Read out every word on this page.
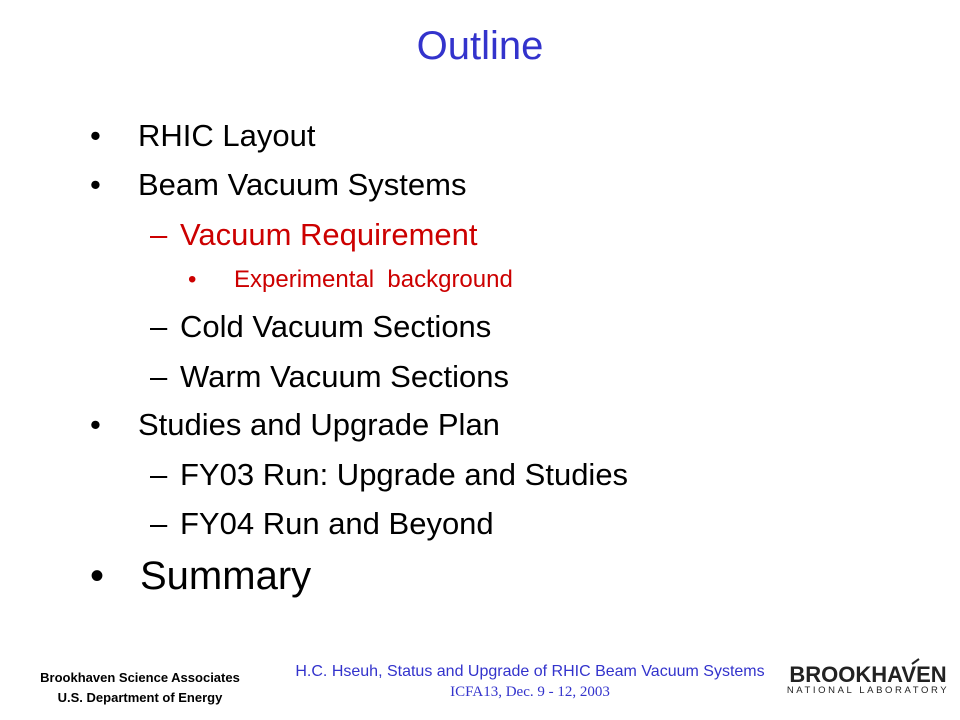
Outline
• RHIC Layout
• Beam Vacuum Systems
– Vacuum Requirement
• Experimental  background
– Cold Vacuum Sections
– Warm Vacuum Sections
• Studies and Upgrade Plan
– FY03 Run: Upgrade and Studies
– FY04 Run and Beyond
• Summary
Brookhaven Science Associates
U.S. Department of Energy
H.C. Hseuh, Status and Upgrade of RHIC Beam Vacuum Systems
ICFA13, Dec. 9 - 12, 2003
BROOKHAVEN
NATIONAL LABORATORY
